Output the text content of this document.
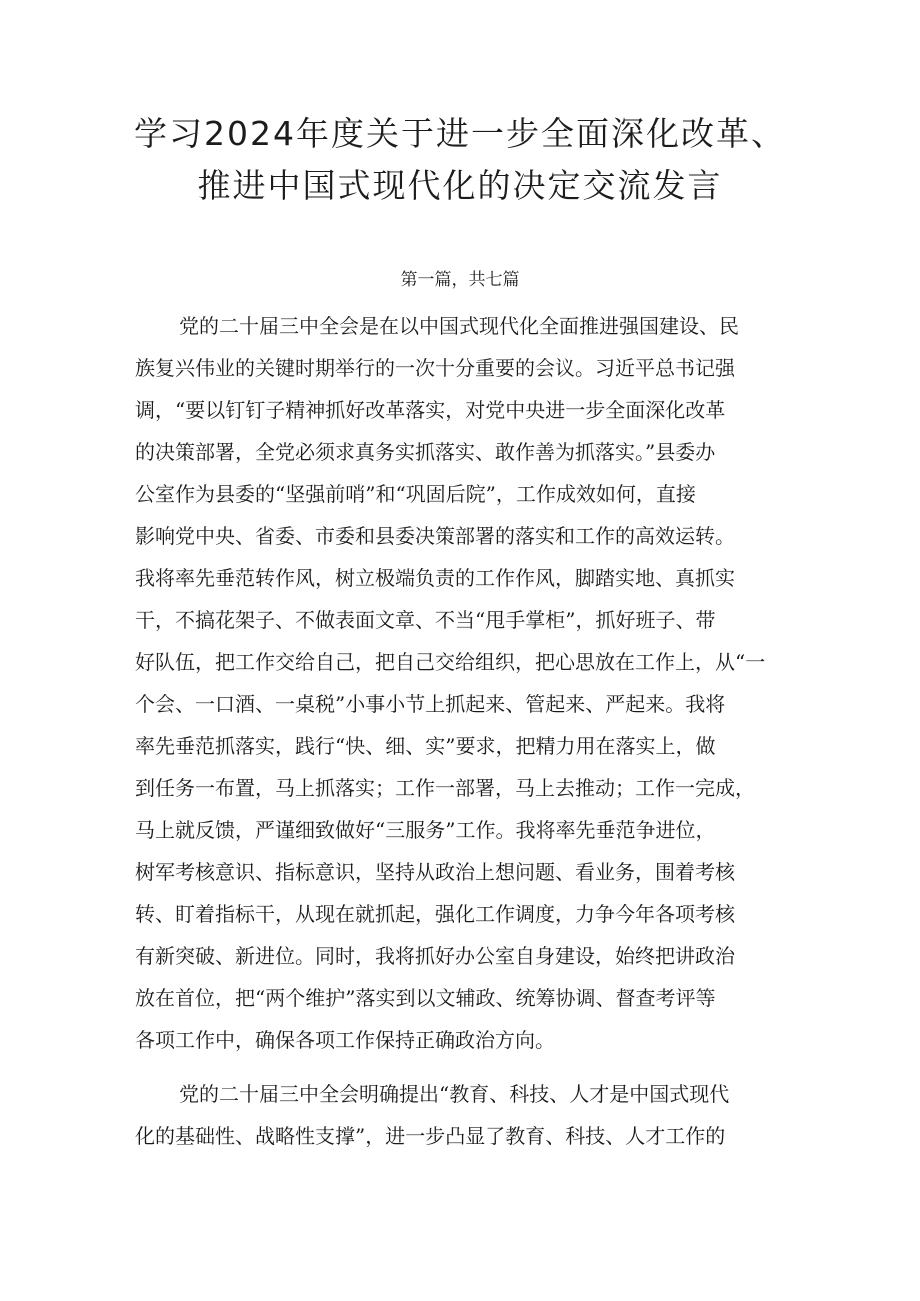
学习2024年度关于进一步全面深化改革、
推进中国式现代化的决定交流发言

第一篇，共七篇

党的二十届三中全会是在以中国式现代化全面推进强国建设、民
族复兴伟业的关键时期举行的一次十分重要的会议。习近平总书记强
调，“要以钉钉子精神抓好改革落实，对党中央进一步全面深化改革
的决策部署，全党必须求真务实抓落实、敢作善为抓落实。”县委办
公室作为县委的“坚强前哨”和“巩固后院”，工作成效如何，直接
影响党中央、省委、市委和县委决策部署的落实和工作的高效运转。
我将率先垂范转作风，树立极端负责的工作作风，脚踏实地、真抓实
干，不搞花架子、不做表面文章、不当“甩手掌柜”，抓好班子、带
好队伍，把工作交给自己，把自己交给组织，把心思放在工作上，从“一
个会、一口酒、一桌税”小事小节上抓起来、管起来、严起来。我将
率先垂范抓落实，践行“快、细、实”要求，把精力用在落实上，做
到任务一布置，马上抓落实；工作一部署，马上去推动；工作一完成，
马上就反馈，严谨细致做好“三服务”工作。我将率先垂范争进位，
树军考核意识、指标意识，坚持从政治上想问题、看业务，围着考核
转、盯着指标干，从现在就抓起，强化工作调度，力争今年各项考核
有新突破、新进位。同时，我将抓好办公室自身建设，始终把讲政治
放在首位，把“两个维护”落实到以文辅政、统筹协调、督查考评等
各项工作中，确保各项工作保持正确政治方向。
党的二十届三中全会明确提出“教育、科技、人才是中国式现代
化的基础性、战略性支撑”，进一步凸显了教育、科技、人才工作的
